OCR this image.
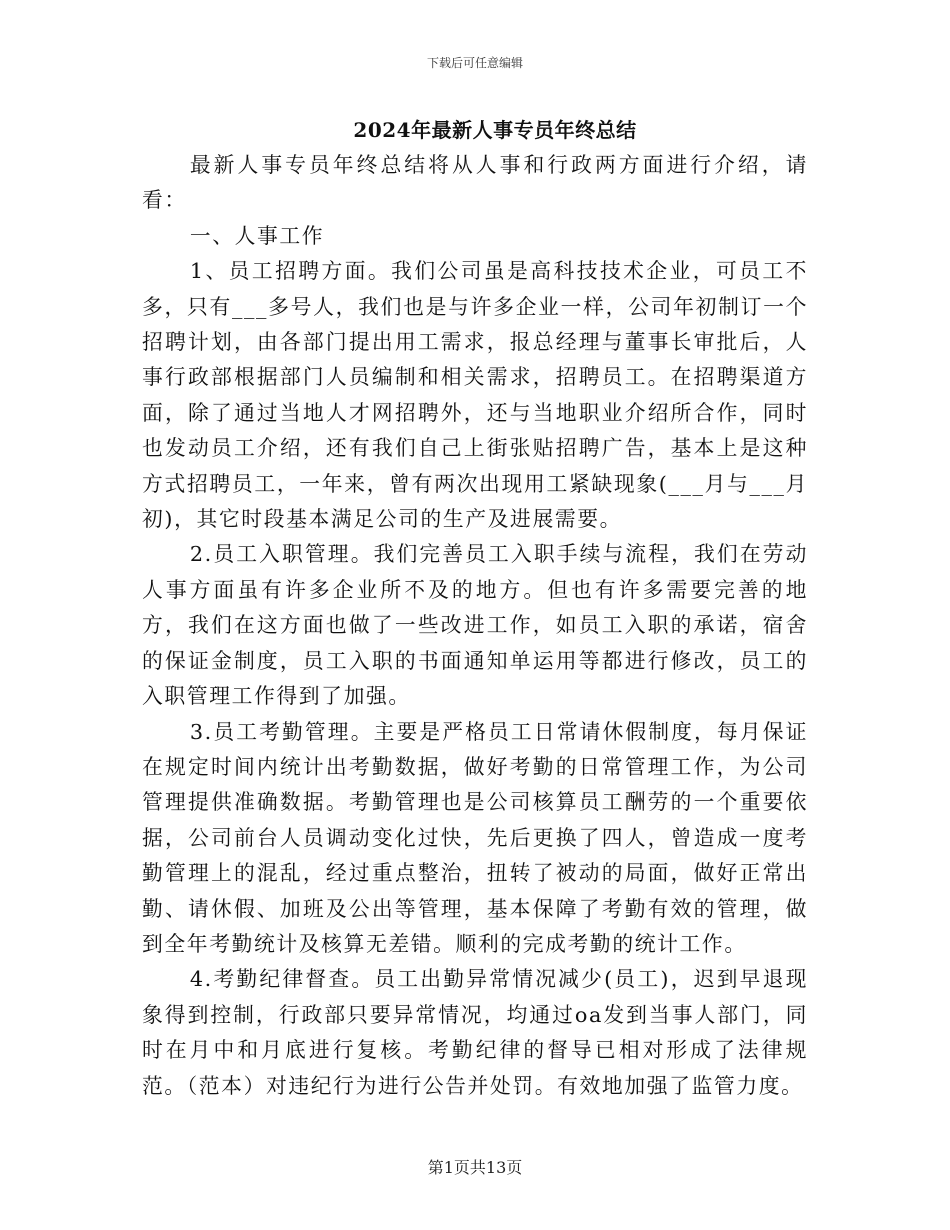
下载后可任意编辑
2024年最新人事专员年终总结

最新人事专员年终总结将从人事和行政两方面进行介绍，请看：

一、人事工作

1、员工招聘方面。我们公司虽是高科技技术企业，可员工不多，只有___多号人，我们也是与许多企业一样，公司年初制订一个招聘计划，由各部门提出用工需求，报总经理与董事长审批后，人事行政部根据部门人员编制和相关需求，招聘员工。在招聘渠道方面，除了通过当地人才网招聘外，还与当地职业介绍所合作，同时也发动员工介绍，还有我们自己上街张贴招聘广告，基本上是这种方式招聘员工，一年来，曾有两次出现用工紧缺现象(___月与___月初)，其它时段基本满足公司的生产及进展需要。

2.员工入职管理。我们完善员工入职手续与流程，我们在劳动人事方面虽有许多企业所不及的地方。但也有许多需要完善的地方，我们在这方面也做了一些改进工作，如员工入职的承诺，宿舍的保证金制度，员工入职的书面通知单运用等都进行修改，员工的入职管理工作得到了加强。

3.员工考勤管理。主要是严格员工日常请休假制度，每月保证在规定时间内统计出考勤数据，做好考勤的日常管理工作，为公司管理提供准确数据。考勤管理也是公司核算员工酬劳的一个重要依据，公司前台人员调动变化过快，先后更换了四人，曾造成一度考勤管理上的混乱，经过重点整治，扭转了被动的局面，做好正常出勤、请休假、加班及公出等管理，基本保障了考勤有效的管理，做到全年考勤统计及核算无差错。顺利的完成考勤的统计工作。

4.考勤纪律督查。员工出勤异常情况减少(员工)，迟到早退现象得到控制，行政部只要异常情况，均通过oa发到当事人部门，同时在月中和月底进行复核。考勤纪律的督导已相对形成了法律规范。（范本）对违纪行为进行公告并处罚。有效地加强了监管力度。

第1页共13页
